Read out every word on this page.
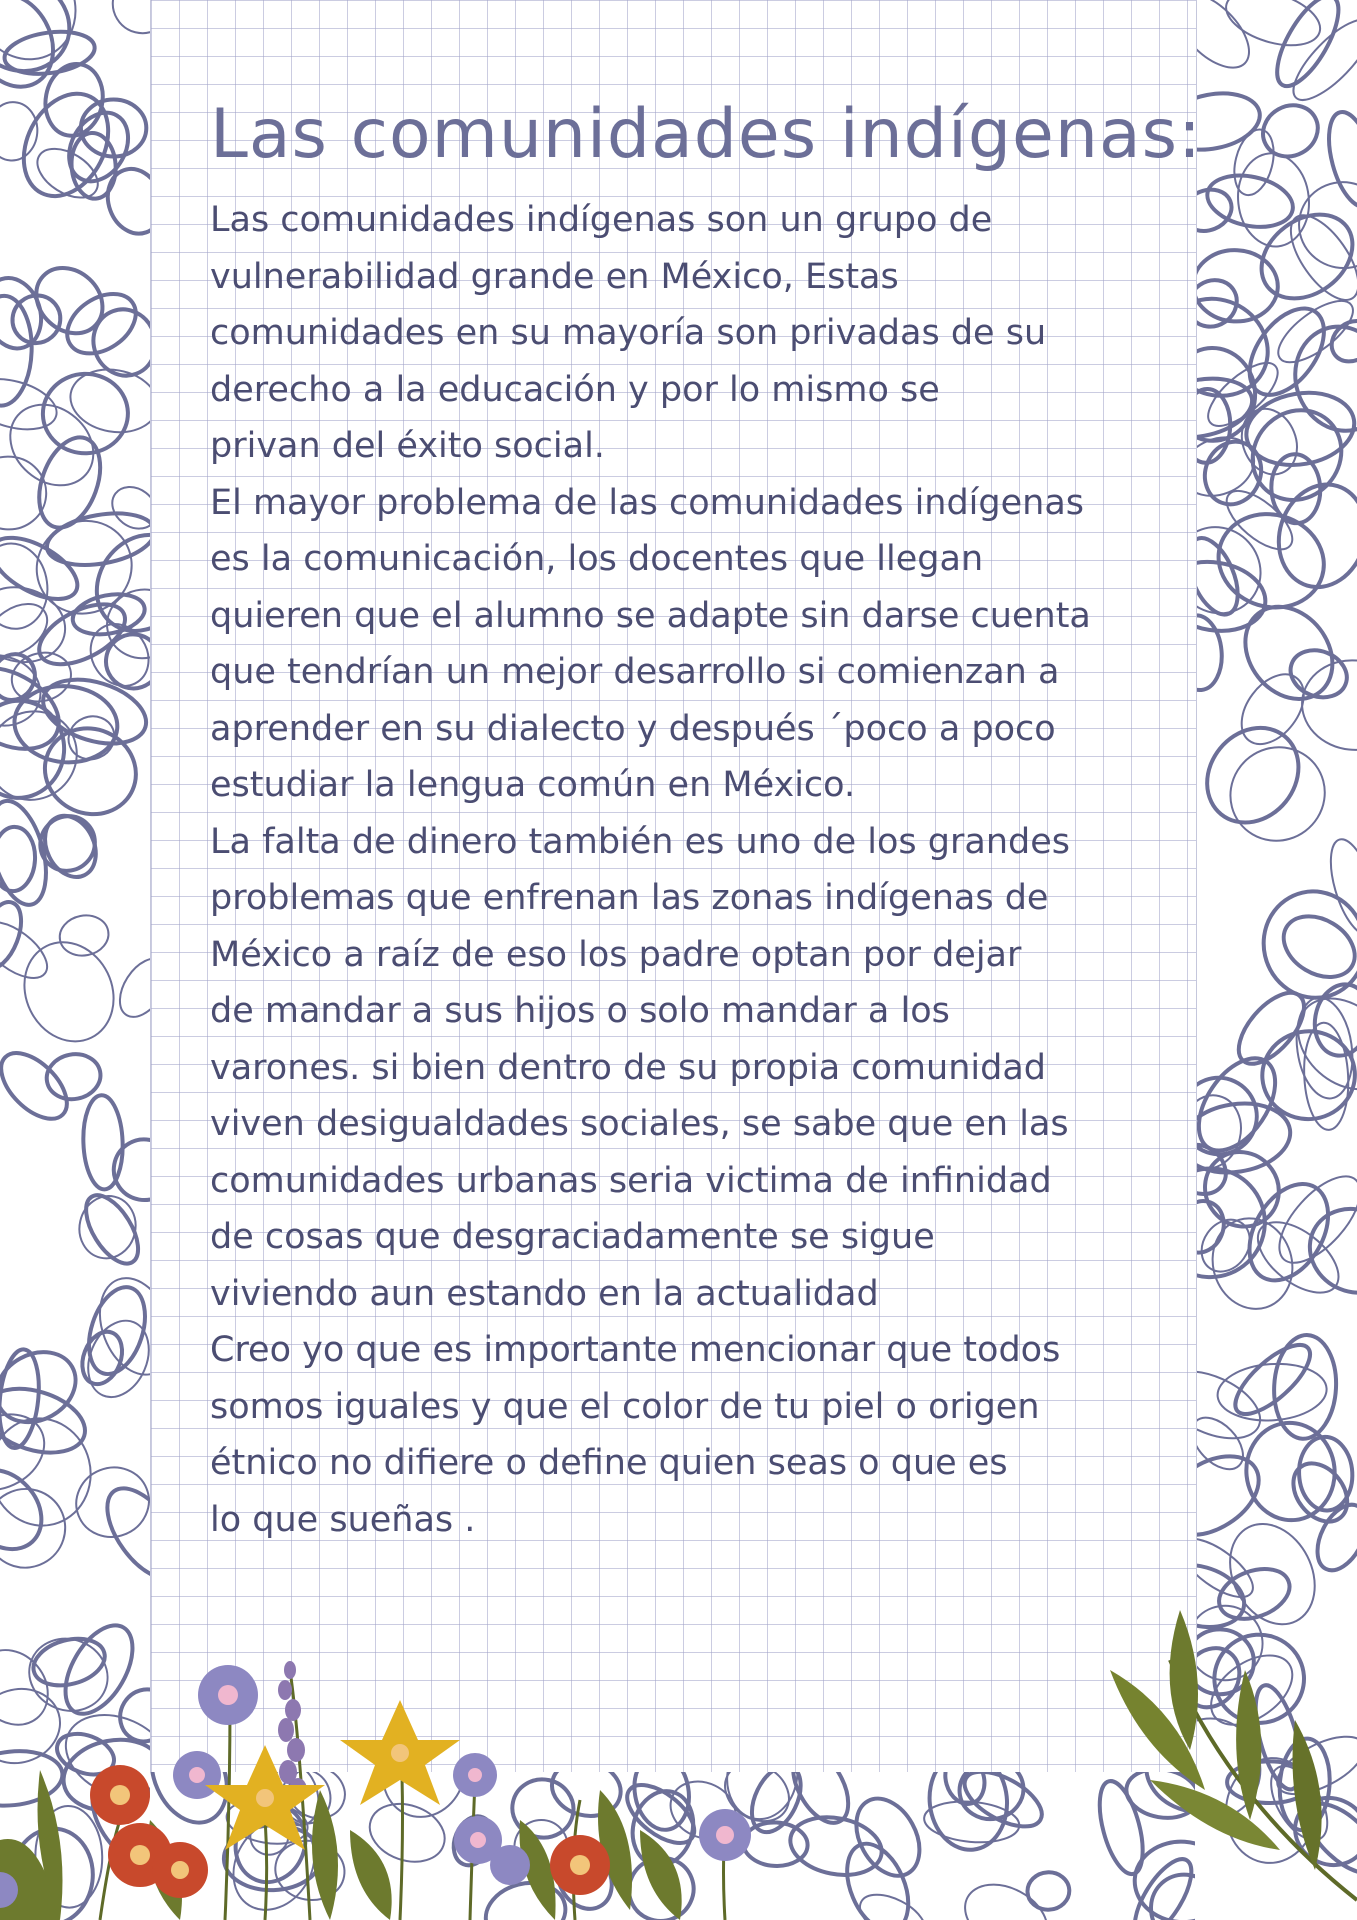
Las comunidades indígenas:
Las comunidades indígenas son un grupo de
vulnerabilidad grande en México, Estas
comunidades en su mayoría son privadas de su
derecho a la educación y por lo mismo se
privan del éxito social.
El mayor problema de las comunidades indígenas
es la comunicación, los docentes que llegan
quieren que el alumno se adapte sin darse cuenta
que tendrían un mejor desarrollo si comienzan a
aprender en su dialecto y después ´poco a poco
estudiar la lengua común en México.
La falta de dinero también es uno de los grandes
problemas que enfrenan las zonas indígenas de
México a raíz de eso los padre optan por dejar
de mandar a sus hijos o solo mandar a los
varones. si bien dentro de su propia comunidad
viven desigualdades sociales, se sabe que en las
comunidades urbanas seria victima de infinidad
de cosas que desgraciadamente se sigue
viviendo aun estando en la actualidad
Creo yo que es importante mencionar que todos
somos iguales y que el color de tu piel o origen
étnico no difiere o define quien seas o que es
lo que sueñas .
